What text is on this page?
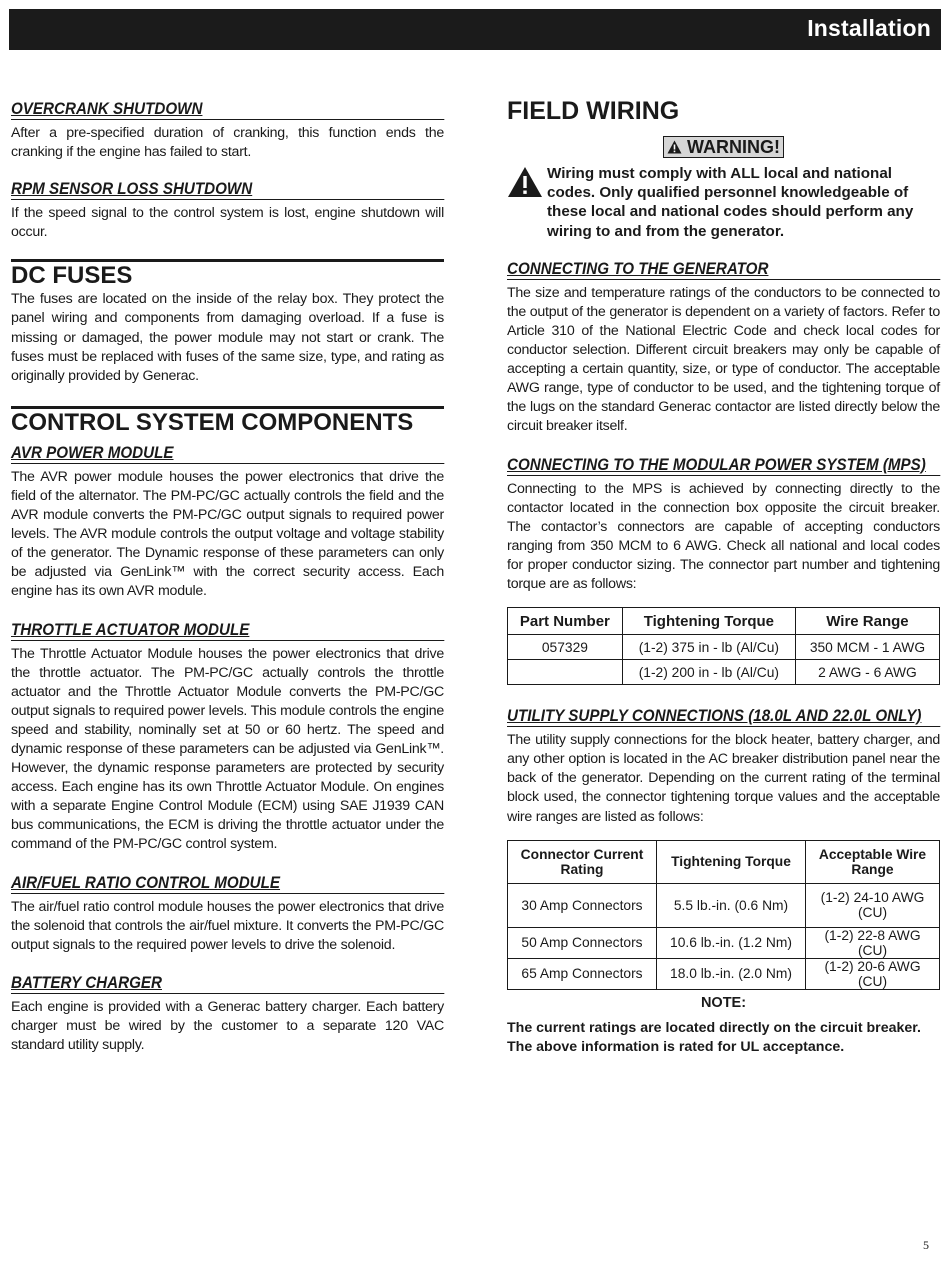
Installation
OVERCRANK SHUTDOWN

After a pre-specified duration of cranking, this function ends the cranking if the engine has failed to start.

RPM SENSOR LOSS SHUTDOWN

If the speed signal to the control system is lost, engine shutdown will occur.

DC FUSES

The fuses are located on the inside of the relay box. They protect the panel wiring and components from damaging overload. If a fuse is missing or damaged, the power module may not start or crank. The fuses must be replaced with fuses of the same size, type, and rating as originally provided by Generac.

CONTROL SYSTEM COMPONENTS
AVR POWER MODULE

The AVR power module houses the power electronics that drive the field of the alternator. The PM-PC/GC actually controls the field and the AVR module converts the PM-PC/GC output signals to required power levels. The AVR module controls the output voltage and voltage stability of the generator. The Dynamic response of these parameters can only be adjusted via GenLink™ with the correct security access. Each engine has its own AVR module.

THROTTLE ACTUATOR MODULE

The Throttle Actuator Module houses the power electronics that drive the throttle actuator. The PM-PC/GC actually controls the throttle actuator and the Throttle Actuator Module converts the PM-PC/GC output signals to required power levels. This module controls the engine speed and stability, nominally set at 50 or 60 hertz. The speed and dynamic response of these parameters can be adjusted via GenLink™. However, the dynamic response parameters are protected by security access. Each engine has its own Throttle Actuator Module. On engines with a separate Engine Control Module (ECM) using SAE J1939 CAN bus communications, the ECM is driving the throttle actuator under the command of the PM-PC/GC control system.

AIR/FUEL RATIO CONTROL MODULE

The air/fuel ratio control module houses the power electronics that drive the solenoid that controls the air/fuel mixture. It converts the PM-PC/GC output signals to the required power levels to drive the solenoid.

BATTERY CHARGER

Each engine is provided with a Generac battery charger. Each battery charger must be wired by the customer to a separate 120 VAC standard utility supply.

FIELD WIRING
WARNING!

Wiring must comply with ALL local and national codes. Only qualified personnel knowledgeable of these local and national codes should perform any wiring to and from the generator.

CONNECTING TO THE GENERATOR

The size and temperature ratings of the conductors to be connected to the output of the generator is dependent on a variety of factors. Refer to Article 310 of the National Electric Code and check local codes for conductor selection. Different circuit breakers may only be capable of accepting a certain quantity, size, or type of conductor. The acceptable AWG range, type of conductor to be used, and the tightening torque of the lugs on the standard Generac contactor are listed directly below the circuit breaker itself.

CONNECTING TO THE MODULAR POWER SYSTEM (MPS)

Connecting to the MPS is achieved by connecting directly to the contactor located in the connection box opposite the circuit breaker. The contactor’s connectors are capable of accepting conductors ranging from 350 MCM to 6 AWG. Check all national and local codes for proper conductor sizing. The connector part number and tightening torque are as follows:

Part Number	Tightening Torque	Wire Range
057329	(1-2) 375 in - lb (Al/Cu)	350 MCM - 1 AWG
	(1-2) 200 in - lb (Al/Cu)	2 AWG - 6 AWG
UTILITY SUPPLY CONNECTIONS (18.0L AND 22.0L ONLY)

The utility supply connections for the block heater, battery charger, and any other option is located in the AC breaker distribution panel near the back of the generator. Depending on the current rating of the terminal block used, the connector tightening torque values and the acceptable wire ranges are listed as follows:

Connector Current Rating	Tightening Torque	Acceptable Wire Range
30 Amp Connectors	5.5 lb.-in. (0.6 Nm)	(1-2) 24-10 AWG (CU)
50 Amp Connectors	10.6 lb.-in. (1.2 Nm)	(1-2) 22-8 AWG (CU)
65 Amp Connectors	18.0 lb.-in. (2.0 Nm)	(1-2) 20-6 AWG (CU)
NOTE:

The current ratings are located directly on the circuit breaker. The above information is rated for UL acceptance.

5
